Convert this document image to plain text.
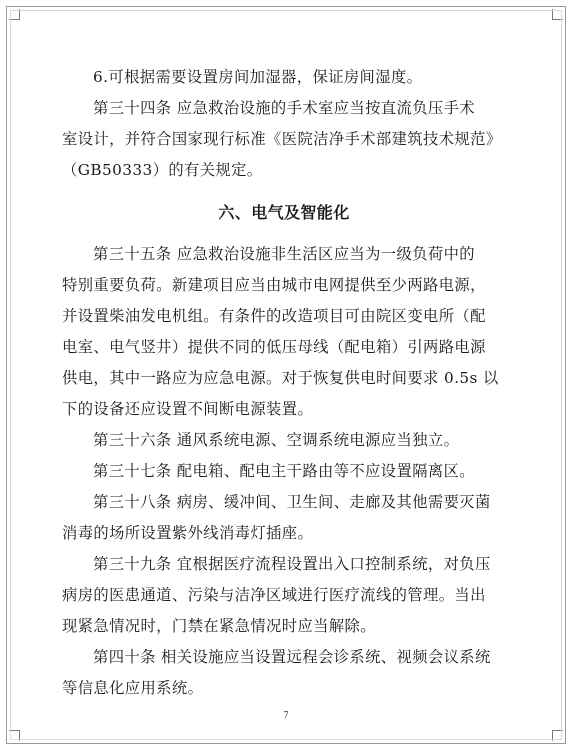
6.可根据需要设置房间加湿器，保证房间湿度。
第三十四条 应急救治设施的手术室应当按直流负压手术
室设计，并符合国家现行标准《医院洁净手术部建筑技术规范》
（GB50333）的有关规定。
六、电气及智能化
第三十五条 应急救治设施非生活区应当为一级负荷中的
特别重要负荷。新建项目应当由城市电网提供至少两路电源，
并设置柴油发电机组。有条件的改造项目可由院区变电所（配
电室、电气竖井）提供不同的低压母线（配电箱）引两路电源
供电，其中一路应为应急电源。对于恢复供电时间要求 0.5s 以
下的设备还应设置不间断电源装置。
第三十六条 通风系统电源、空调系统电源应当独立。
第三十七条 配电箱、配电主干路由等不应设置隔离区。
第三十八条 病房、缓冲间、卫生间、走廊及其他需要灭菌
消毒的场所设置紫外线消毒灯插座。
第三十九条 宜根据医疗流程设置出入口控制系统，对负压
病房的医患通道、污染与洁净区域进行医疗流线的管理。当出
现紧急情况时，门禁在紧急情况时应当解除。
第四十条 相关设施应当设置远程会诊系统、视频会议系统
等信息化应用系统。
7
